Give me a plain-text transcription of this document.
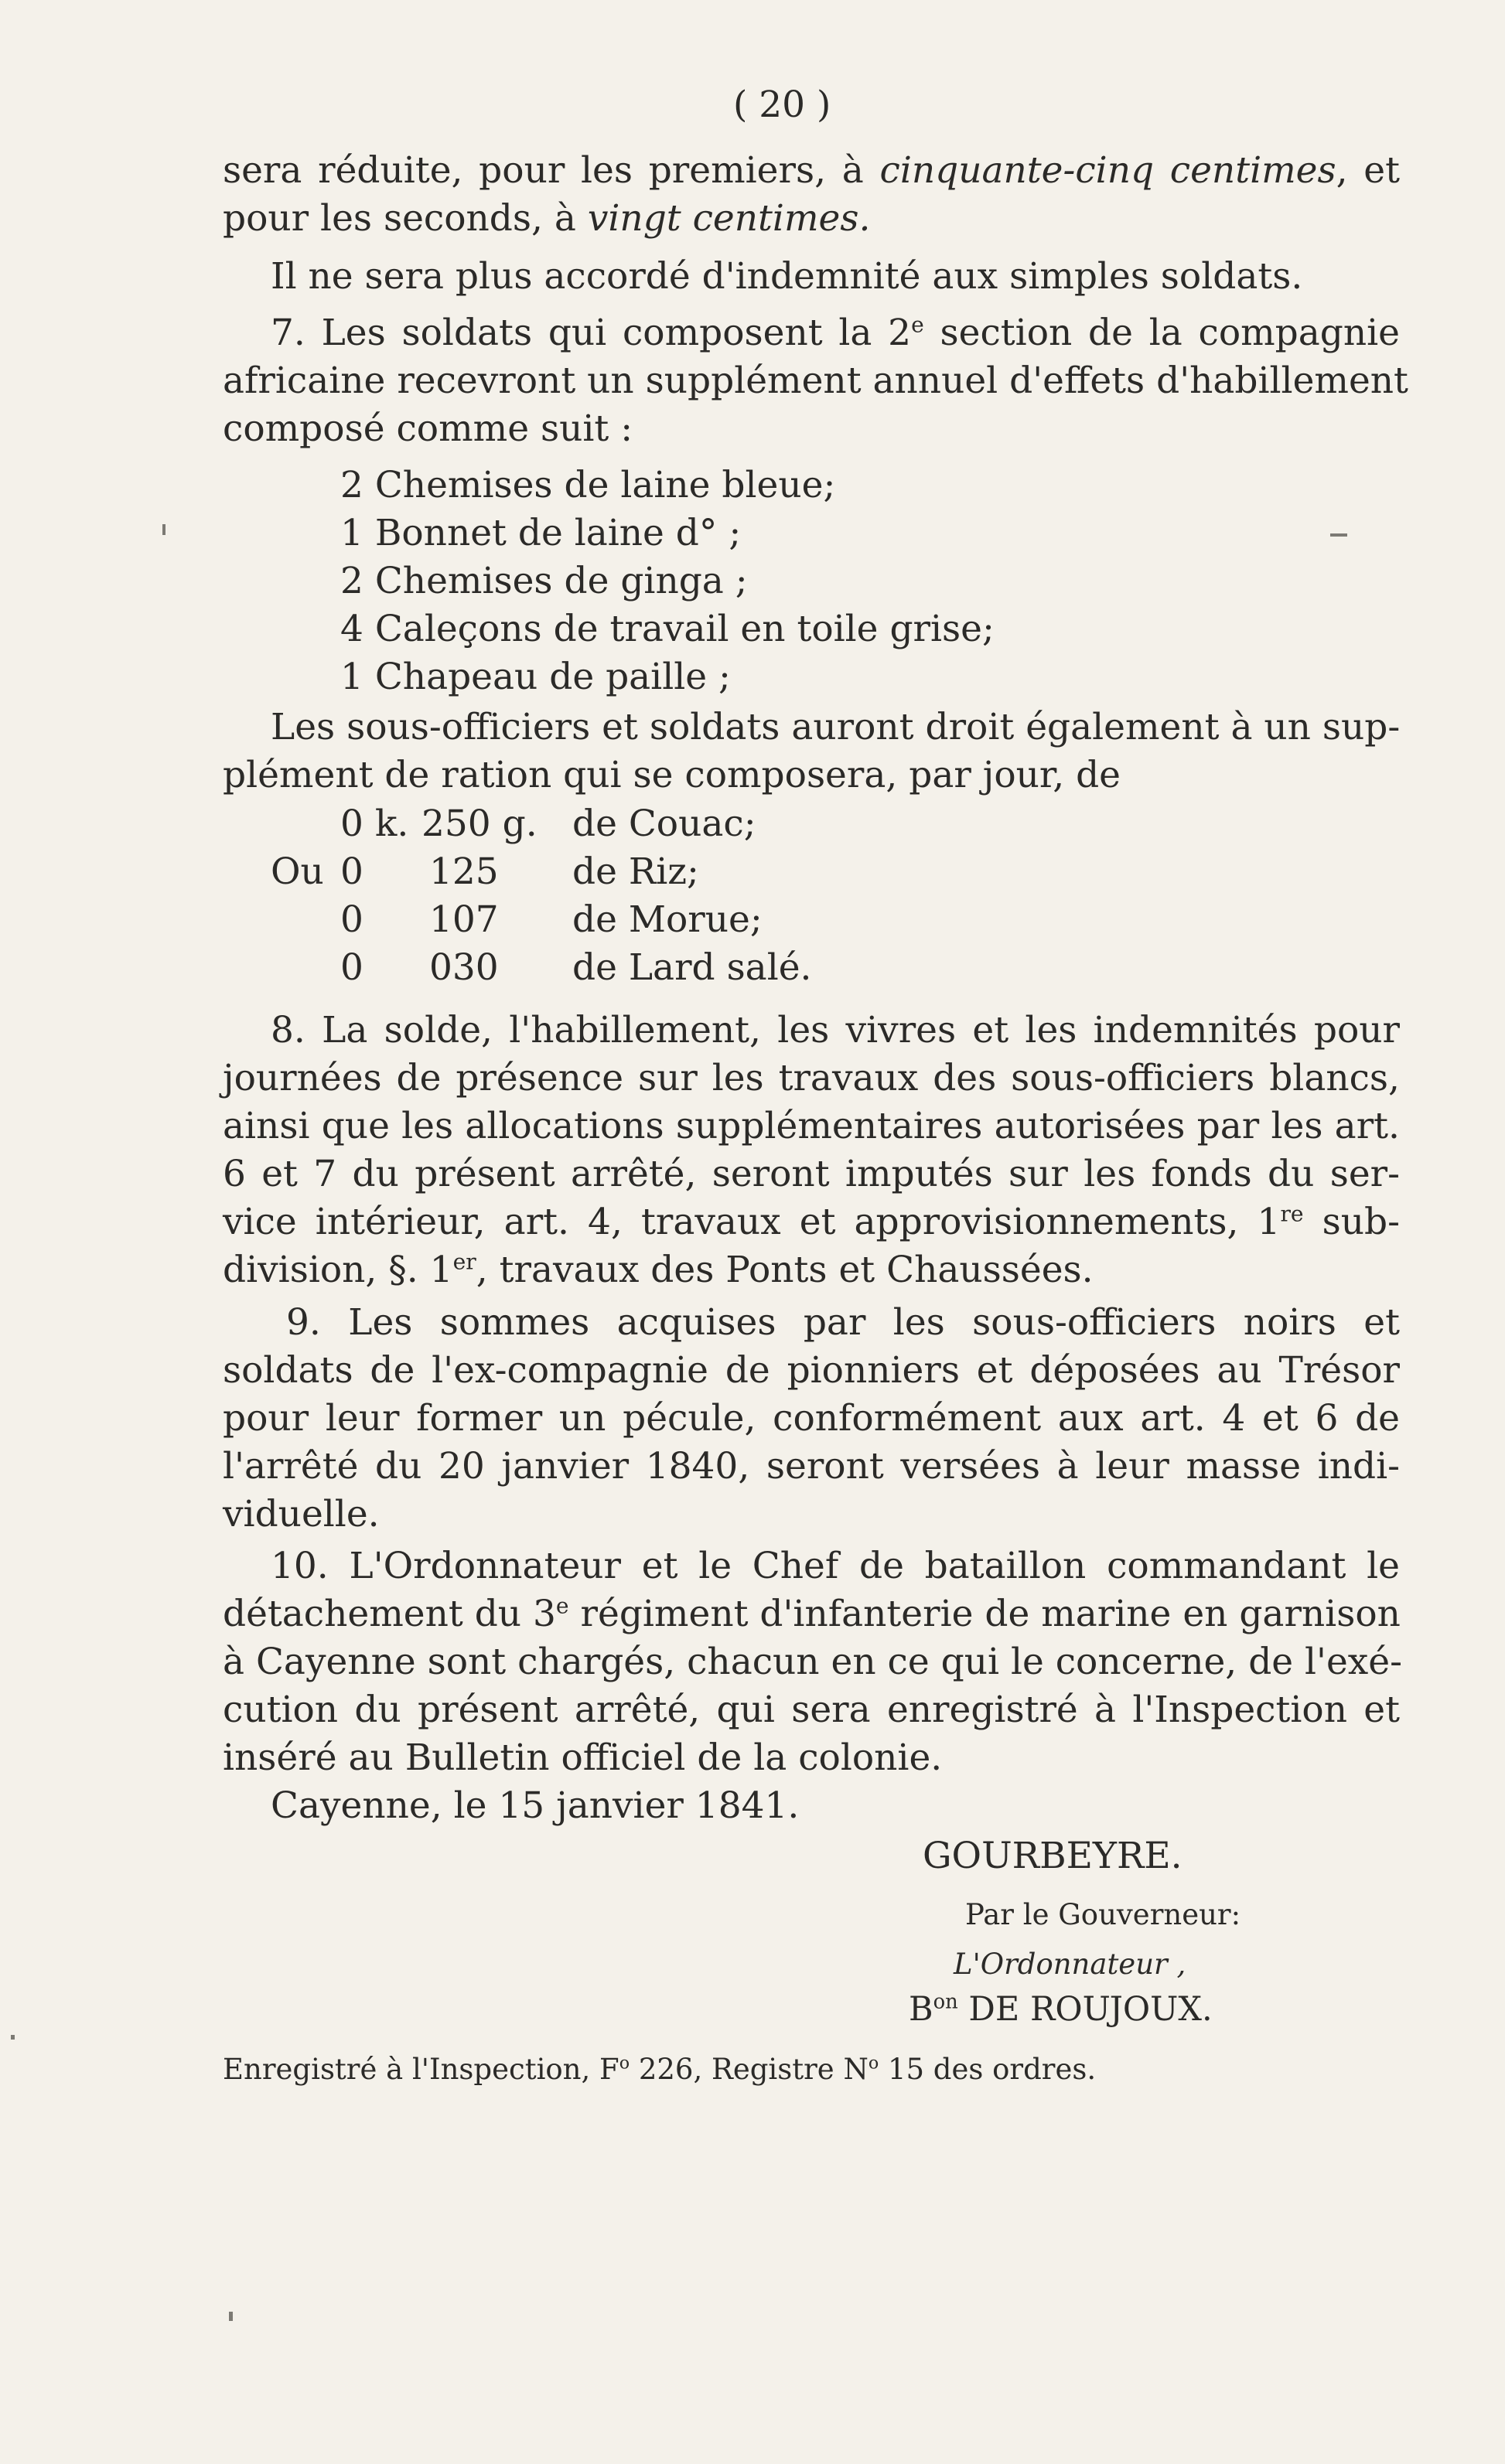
( 20 )
sera réduite, pour les premiers, à cinquante-cinq centimes, et
pour les seconds, à vingt centimes.
Il ne sera plus accordé d'indemnité aux simples soldats.
7. Les soldats qui composent la 2e section de la compagnie
africaine recevront un supplément annuel d'effets d'habillement
composé comme suit :
2 Chemises de laine bleue;
1 Bonnet de laine d° ;
2 Chemises de ginga ;
4 Caleçons de travail en toile grise;
1 Chapeau de paille ;
Les sous-officiers et soldats auront droit également à un sup-
plément de ration qui se composera, par jour, de
0 k. 250 g. de Couac;
Ou 0 125 de Riz;
0 107 de Morue;
0 030 de Lard salé.
8. La solde, l'habillement, les vivres et les indemnités pour
journées de présence sur les travaux des sous-officiers blancs,
ainsi que les allocations supplémentaires autorisées par les art.
6 et 7 du présent arrêté, seront imputés sur les fonds du ser-
vice intérieur, art. 4, travaux et approvisionnements, 1re sub-
division, §. 1er, travaux des Ponts et Chaussées.
9. Les sommes acquises par les sous-officiers noirs et
soldats de l'ex-compagnie de pionniers et déposées au Trésor
pour leur former un pécule, conformément aux art. 4 et 6 de
l'arrêté du 20 janvier 1840, seront versées à leur masse indi-
viduelle.
10. L'Ordonnateur et le Chef de bataillon commandant le
détachement du 3e régiment d'infanterie de marine en garnison
à Cayenne sont chargés, chacun en ce qui le concerne, de l'exé-
cution du présent arrêté, qui sera enregistré à l'Inspection et
inséré au Bulletin officiel de la colonie.
Cayenne, le 15 janvier 1841.
GOURBEYRE.
Par le Gouverneur:
L'Ordonnateur ,
$B^{on}$ DE ROUJOUX.
Enregistré à l'Inspection, $F^o$ 226, Registre $N^o$ 15 des ordres.
